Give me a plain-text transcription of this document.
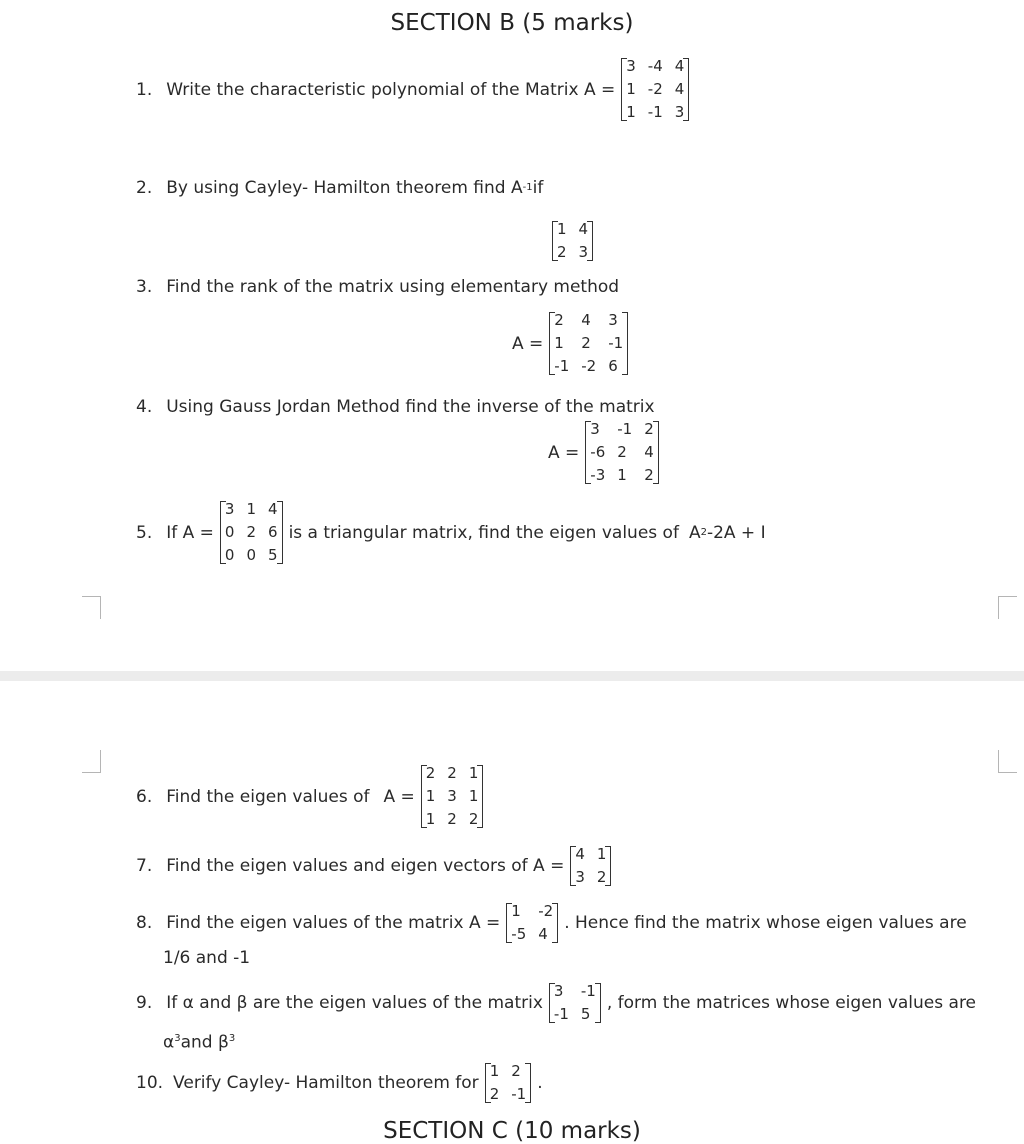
SECTION B (5 marks)
1. Write the characteristic polynomial of the Matrix A =
3 -4 4
1 -2 4
1 -1 3
2. By using Cayley- Hamilton theorem find A -1 if
1 4
2 3
3. Find the rank of the matrix using elementary method
A =
2	4	3
1	2	-1
-1 -2 6
4. Using Gauss Jordan Method find the inverse of the matrix
A =
3	-1 2
-6 2	4
-3 1	2
5. If A =
3 1 4
0 2 6
0 0 5
is a triangular matrix, find the eigen values of A 2 -2A + I
6. Find the eigen values of A =
2 2 1
1 3 1
1 2 2
7. Find the eigen values and eigen vectors of A =
4 1
3 2
8. Find the eigen values of the matrix A =
1	-2
-5 4
. Hence find the matrix whose eigen values are
1/6 and -1
9. If α and β are the eigen values of the matrix
3	-1
-1 5
, form the matrices whose eigen values are
$\alpha^3and$ $\beta^3$
10. Verify Cayley- Hamilton theorem for
1 2
2 -1
.
SECTION C (10 marks)
